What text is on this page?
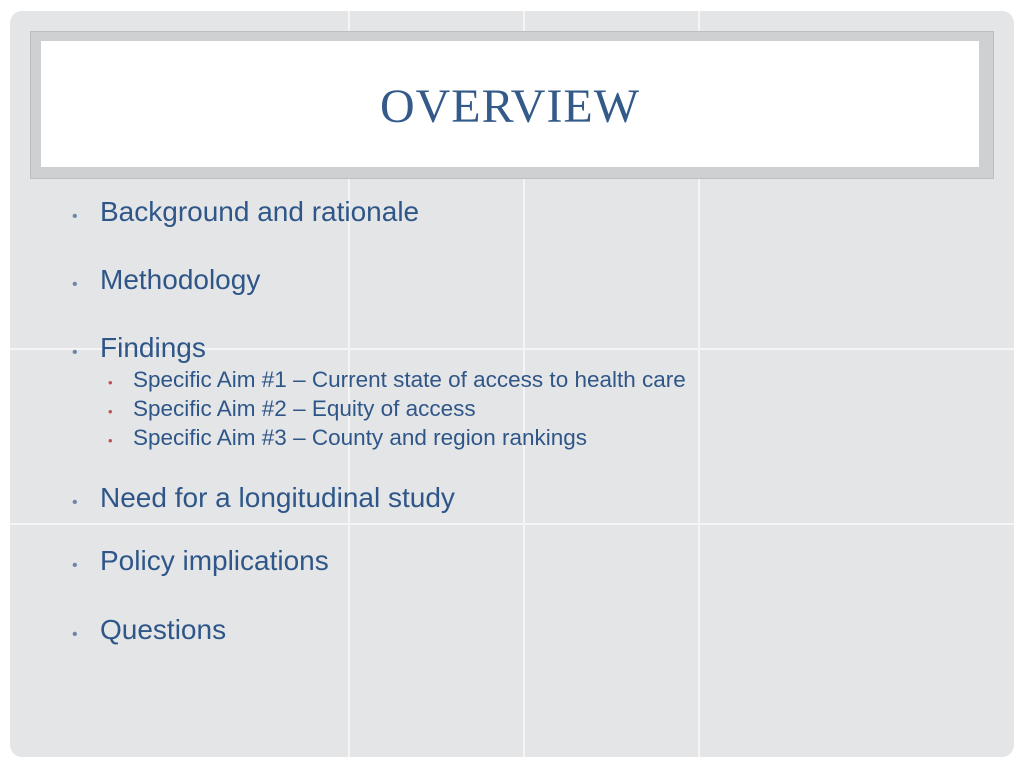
OVERVIEW
• Background and rationale
• Methodology
• Findings
• Specific Aim #1 – Current state of access to health care
• Specific Aim #2 – Equity of access
• Specific Aim #3 – County and region rankings
• Need for a longitudinal study
• Policy implications
• Questions
